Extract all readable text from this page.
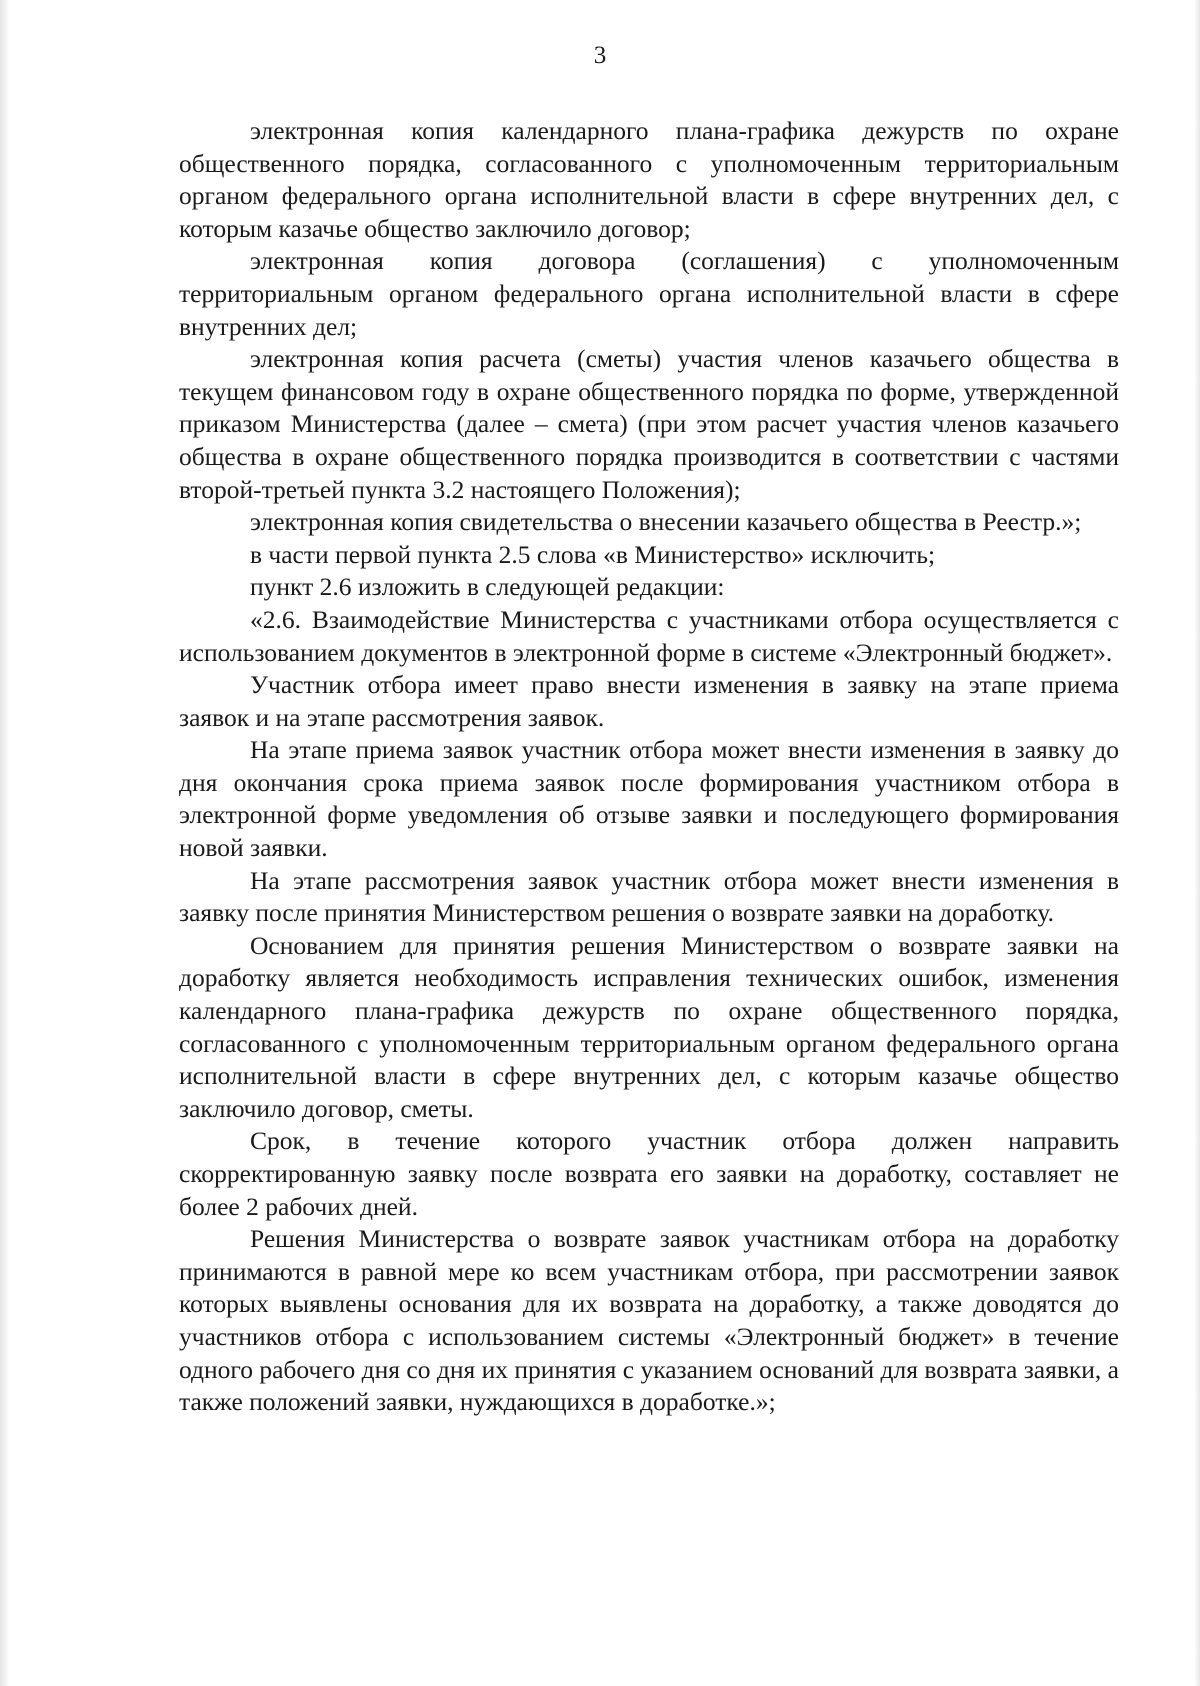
3

электронная копия календарного плана-графика дежурств по охране общественного порядка, согласованного с уполномоченным территориальным органом федерального органа исполнительной власти в сфере внутренних дел, с которым казачье общество заключило договор;

электронная копия договора (соглашения) с уполномоченным территориальным органом федерального органа исполнительной власти в сфере внутренних дел;

электронная копия расчета (сметы) участия членов казачьего общества в текущем финансовом году в охране общественного порядка по форме, утвержденной приказом Министерства (далее – смета) (при этом расчет участия членов казачьего общества в охране общественного порядка производится в соответствии с частями второй-третьей пункта 3.2 настоящего Положения);

электронная копия свидетельства о внесении казачьего общества в Реестр.»;

в части первой пункта 2.5 слова «в Министерство» исключить;

пункт 2.6 изложить в следующей редакции:

«2.6. Взаимодействие Министерства с участниками отбора осуществляется с использованием документов в электронной форме в системе «Электронный бюджет».

Участник отбора имеет право внести изменения в заявку на этапе приема заявок и на этапе рассмотрения заявок.

На этапе приема заявок участник отбора может внести изменения в заявку до дня окончания срока приема заявок после формирования участником отбора в электронной форме уведомления об отзыве заявки и последующего формирования новой заявки.

На этапе рассмотрения заявок участник отбора может внести изменения в заявку после принятия Министерством решения о возврате заявки на доработку.

Основанием для принятия решения Министерством о возврате заявки на доработку является необходимость исправления технических ошибок, изменения календарного плана-графика дежурств по охране общественного порядка, согласованного с уполномоченным территориальным органом федерального органа исполнительной власти в сфере внутренних дел, с которым казачье общество заключило договор, сметы.

Срок, в течение которого участник отбора должен направить скорректированную заявку после возврата его заявки на доработку, составляет не более 2 рабочих дней.

Решения Министерства о возврате заявок участникам отбора на доработку принимаются в равной мере ко всем участникам отбора, при рассмотрении заявок которых выявлены основания для их возврата на доработку, а также доводятся до участников отбора с использованием системы «Электронный бюджет» в течение одного рабочего дня со дня их принятия с указанием оснований для возврата заявки, а также положений заявки, нуждающихся в доработке.»;
